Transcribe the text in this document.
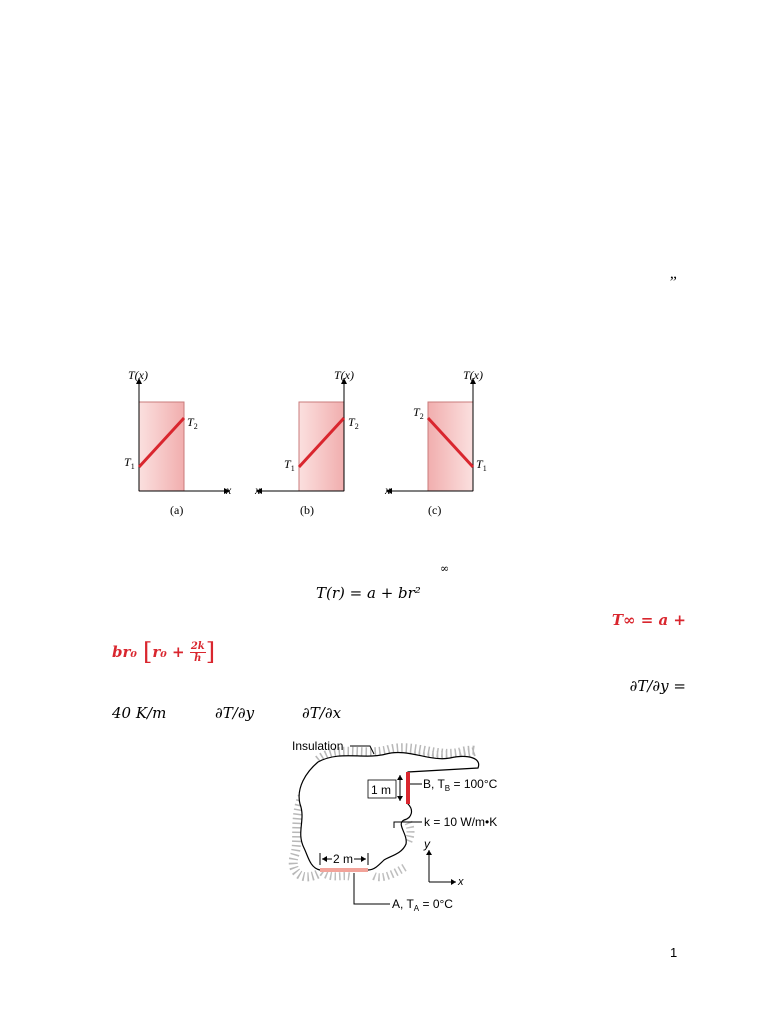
”
T(x)
$T_1$
$T_2$
x
(a)
T(x)
$T_1$
$T_2$
x
(b)
T(x)
$T_2$
$T_1$
x
(c)
∞
T(r) = a + br²
T∞ = a +
br₀ [ $r_0 + \frac{2k}{h}$ ]
∂T/∂y =
40 K/m	∂T/∂y	∂T/∂x
Insulation
1 m	B, $T_B = 100^\circ C$
k = 10 W/m•K
2 m
y
x
A, $T_A = 0^\circ C$
1
